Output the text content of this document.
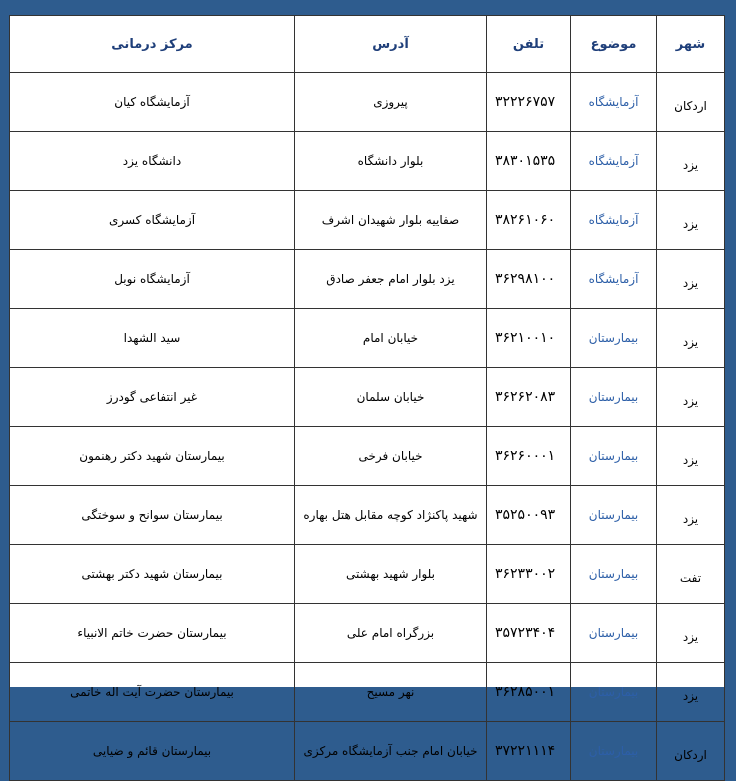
شهر	موضوع	تلفن	آدرس	مرکز درمانی
اردکان	آزمایشگاه	۳۲۲۲۶۷۵۷	پیروزی	آزمایشگاه کیان
یزد	آزمایشگاه	۳۸۳۰۱۵۳۵	بلوار دانشگاه	دانشگاه یزد
یزد	آزمایشگاه	۳۸۲۶۱۰۶۰	صفاییه بلوار شهیدان اشرف	آزمایشگاه کسری
یزد	آزمایشگاه	۳۶۲۹۸۱۰۰	یزد بلوار امام جعفر صادق	آزمایشگاه نوبل
یزد	بیمارستان	۳۶۲۱۰۰۱۰	خیابان امام	سید الشهدا
یزد	بیمارستان	۳۶۲۶۲۰۸۳	خیابان سلمان	غیر انتفاعی گودرز
یزد	بیمارستان	۳۶۲۶۰۰۰۱	خیابان فرخی	بیمارستان شهید دکتر رهنمون
یزد	بیمارستان	۳۵۲۵۰۰۹۳	شهید پاکنژاد کوچه مقابل هتل بهاره	بیمارستان سوانح و سوختگی
تفت	بیمارستان	۳۶۲۳۳۰۰۲	بلوار شهید بهشتی	بیمارستان شهید دکتر بهشتی
یزد	بیمارستان	۳۵۷۲۳۴۰۴	بزرگراه امام علی	بیمارستان حضرت خاتم الانبیاء
یزد	بیمارستان	۳۶۲۸۵۰۰۱	نهر مسیح	بیمارستان حضرت آیت اله خاتمی
اردکان	بیمارستان	۳۷۲۲۱۱۱۴	خیابان امام جنب آزمایشگاه مرکزی	بیمارستان قائم و ضیایی
